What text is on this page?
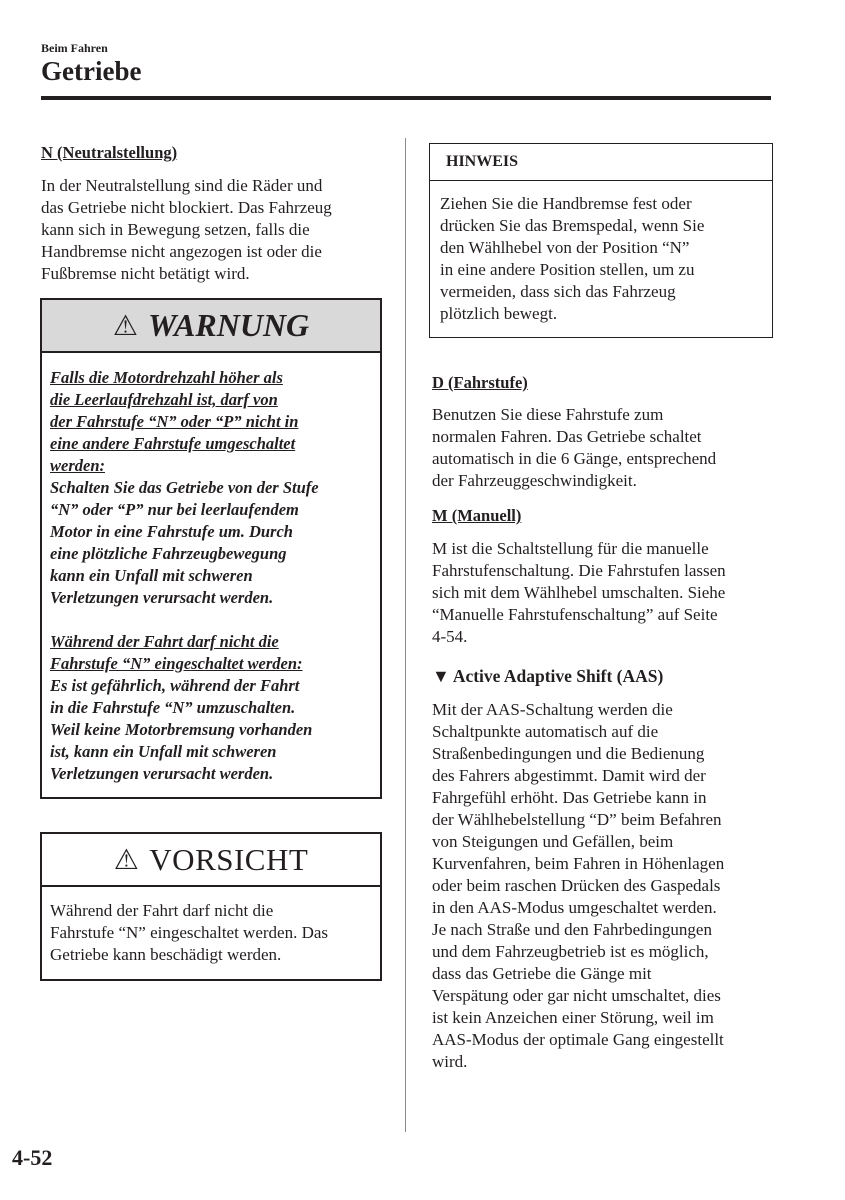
Beim Fahren
Getriebe

N (Neutralstellung)

In der Neutralstellung sind die Räder und
das Getriebe nicht blockiert. Das Fahrzeug
kann sich in Bewegung setzen, falls die
Handbremse nicht angezogen ist oder die
Fußbremse nicht betätigt wird.
⚠ WARNUNG
Falls die Motordrehzahl höher als
die Leerlaufdrehzahl ist, darf von
der Fahrstufe “N” oder “P” nicht in
eine andere Fahrstufe umgeschaltet
werden:
Schalten Sie das Getriebe von der Stufe
“N” oder “P” nur bei leerlaufendem
Motor in eine Fahrstufe um. Durch
eine plötzliche Fahrzeugbewegung
kann ein Unfall mit schweren
Verletzungen verursacht werden.
Während der Fahrt darf nicht die
Fahrstufe “N” eingeschaltet werden:
Es ist gefährlich, während der Fahrt
in die Fahrstufe “N” umzuschalten.
Weil keine Motorbremsung vorhanden
ist, kann ein Unfall mit schweren
Verletzungen verursacht werden.
⚠ VORSICHT
Während der Fahrt darf nicht die
Fahrstufe “N” eingeschaltet werden. Das
Getriebe kann beschädigt werden.
HINWEIS
Ziehen Sie die Handbremse fest oder
drücken Sie das Bremspedal, wenn Sie
den Wählhebel von der Position “N”
in eine andere Position stellen, um zu
vermeiden, dass sich das Fahrzeug
plötzlich bewegt.

D (Fahrstufe)

Benutzen Sie diese Fahrstufe zum
normalen Fahren. Das Getriebe schaltet
automatisch in die 6 Gänge, entsprechend
der Fahrzeuggeschwindigkeit.

M (Manuell)

M ist die Schaltstellung für die manuelle
Fahrstufenschaltung. Die Fahrstufen lassen
sich mit dem Wählhebel umschalten. Siehe
“Manuelle Fahrstufenschaltung” auf Seite
4-54.
▼ Active Adaptive Shift (AAS)
Mit der AAS-Schaltung werden die
Schaltpunkte automatisch auf die
Straßenbedingungen und die Bedienung
des Fahrers abgestimmt. Damit wird der
Fahrgefühl erhöht. Das Getriebe kann in
der Wählhebelstellung “D” beim Befahren
von Steigungen und Gefällen, beim
Kurvenfahren, beim Fahren in Höhenlagen
oder beim raschen Drücken des Gaspedals
in den AAS-Modus umgeschaltet werden.
Je nach Straße und den Fahrbedingungen
und dem Fahrzeugbetrieb ist es möglich,
dass das Getriebe die Gänge mit
Verspätung oder gar nicht umschaltet, dies
ist kein Anzeichen einer Störung, weil im
AAS-Modus der optimale Gang eingestellt
wird.
4-52
